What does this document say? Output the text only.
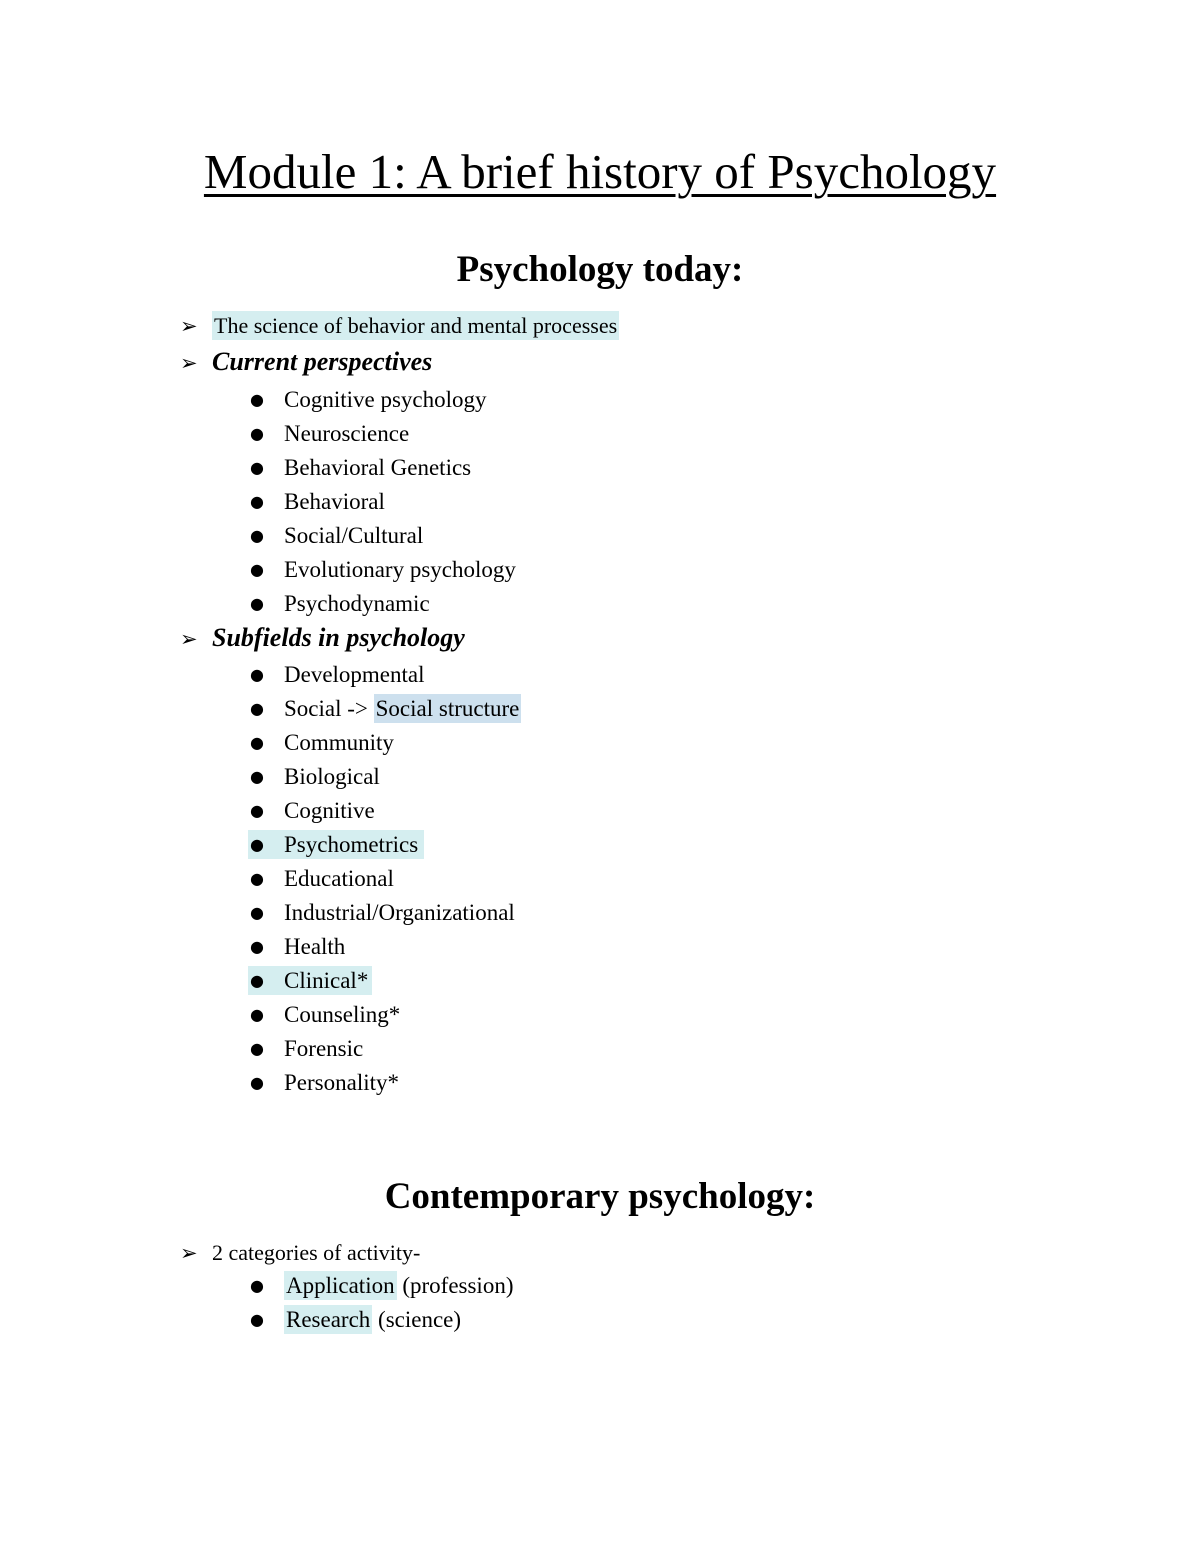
Module 1: A brief history of Psychology
Psychology today:
➢ The science of behavior and mental processes
➢ Current perspectives
● Cognitive psychology
● Neuroscience
● Behavioral Genetics
● Behavioral
● Social/Cultural
● Evolutionary psychology
● Psychodynamic
➢ Subfields in psychology
● Developmental
● Social -> Social structure
● Community
● Biological
● Cognitive
● Psychometrics
● Educational
● Industrial/Organizational
● Health
● Clinical*
● Counseling*
● Forensic
● Personality*
Contemporary psychology:
➢ 2 categories of activity-
● Application (profession)
● Research (science)
